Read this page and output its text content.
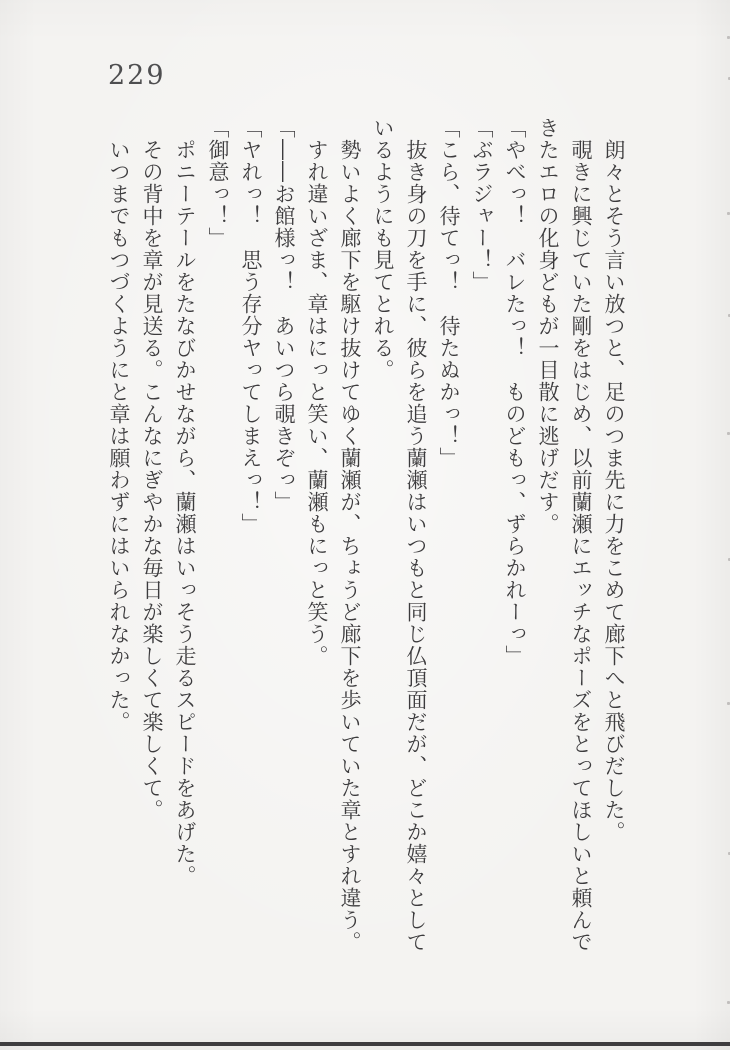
229

朗々とそう言い放つと、足のつま先に力をこめて廊下へと飛びだした。

覗きに興じていた剛をはじめ、以前蘭瀬にエッチなポーズをとってほしいと頼んで

きたエロの化身どもが一目散に逃げだす。

「やべっ！　バレたっ！　ものどもっ、ずらかれーっ」

「ぶラジャー！」

「こら、待てっ！　待たぬかっ！」

抜き身の刀を手に、彼らを追う蘭瀬はいつもと同じ仏頂面だが、どこか嬉々として

いるようにも見てとれる。

勢いよく廊下を駆け抜けてゆく蘭瀬が、ちょうど廊下を歩いていた章とすれ違う。

すれ違いざま、章はにっと笑い、蘭瀬もにっと笑う。

「――お館様っ！　あいつら覗きぞっ」

「ヤれっ！　思う存分ヤってしまえっ！」

「御意っ！」

ポニーテールをたなびかせながら、蘭瀬はいっそう走るスピードをあげた。

その背中を章が見送る。こんなにぎやかな毎日が楽しくて楽しくて。

いつまでもつづくようにと章は願わずにはいられなかった。
